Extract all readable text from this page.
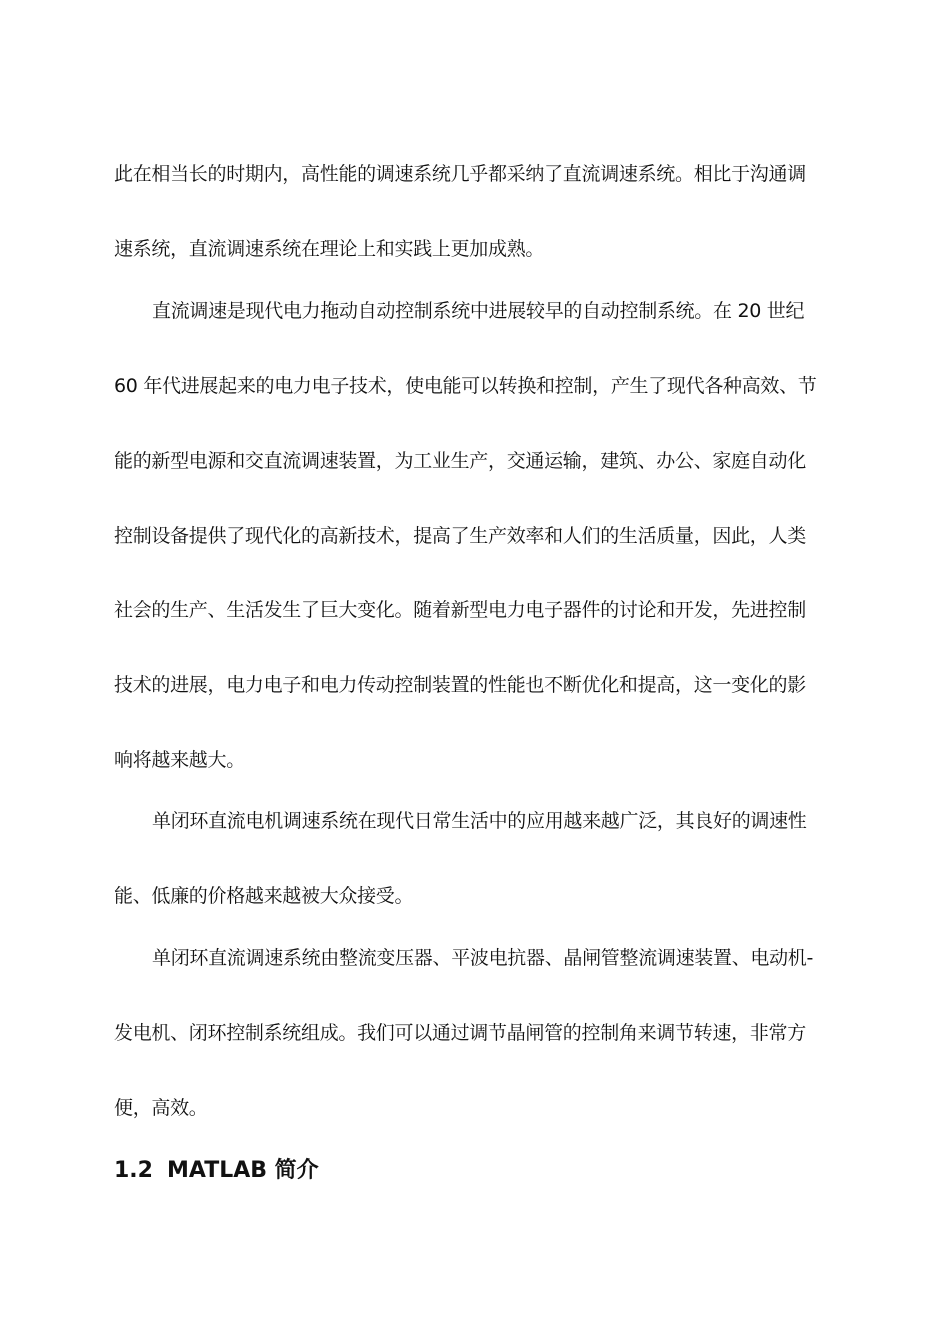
此在相当长的时期内，高性能的调速系统几乎都采纳了直流调速系统。相比于沟通调
速系统，直流调速系统在理论上和实践上更加成熟。
直流调速是现代电力拖动自动控制系统中进展较早的自动控制系统。在 20 世纪
60 年代进展起来的电力电子技术，使电能可以转换和控制，产生了现代各种高效、节
能的新型电源和交直流调速装置，为工业生产，交通运输，建筑、办公、家庭自动化
控制设备提供了现代化的高新技术，提高了生产效率和人们的生活质量，因此，人类
社会的生产、生活发生了巨大变化。随着新型电力电子器件的讨论和开发，先进控制
技术的进展，电力电子和电力传动控制装置的性能也不断优化和提高，这一变化的影
响将越来越大。
单闭环直流电机调速系统在现代日常生活中的应用越来越广泛，其良好的调速性
能、低廉的价格越来越被大众接受。
单闭环直流调速系统由整流变压器、平波电抗器、晶闸管整流调速装置、电动机-
发电机、闭环控制系统组成。我们可以通过调节晶闸管的控制角来调节转速，非常方
便，高效。
1.2 MATLAB 简介
